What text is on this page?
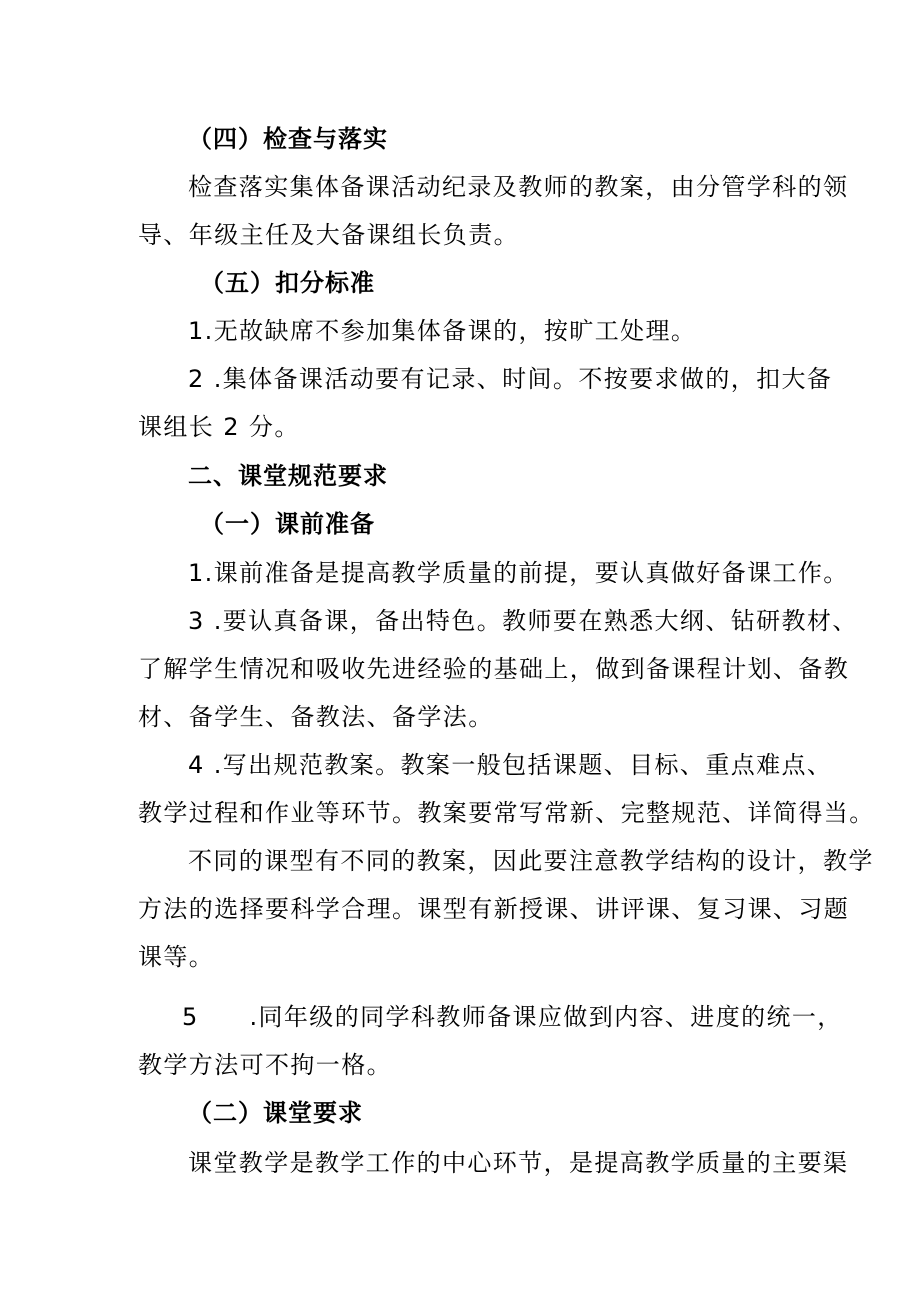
（四）检查与落实
检查落实集体备课活动纪录及教师的教案，由分管学科的领
导、年级主任及大备课组长负责。
（五）扣分标准
1.无故缺席不参加集体备课的，按旷工处理。
2 .集体备课活动要有记录、时间。不按要求做的，扣大备
课组长 2 分。
二、课堂规范要求
（一）课前准备
1.课前准备是提高教学质量的前提，要认真做好备课工作。
3 .要认真备课，备出特色。教师要在熟悉大纲、钻研教材、
了解学生情况和吸收先进经验的基础上，做到备课程计划、备教
材、备学生、备教法、备学法。
4 .写出规范教案。教案一般包括课题、目标、重点难点、
教学过程和作业等环节。教案要常写常新、完整规范、详简得当。
不同的课型有不同的教案，因此要注意教学结构的设计，教学
方法的选择要科学合理。课型有新授课、讲评课、复习课、习题
课等。
5　　.同年级的同学科教师备课应做到内容、进度的统一，
教学方法可不拘一格。
（二）课堂要求
课堂教学是教学工作的中心环节，是提高教学质量的主要渠
